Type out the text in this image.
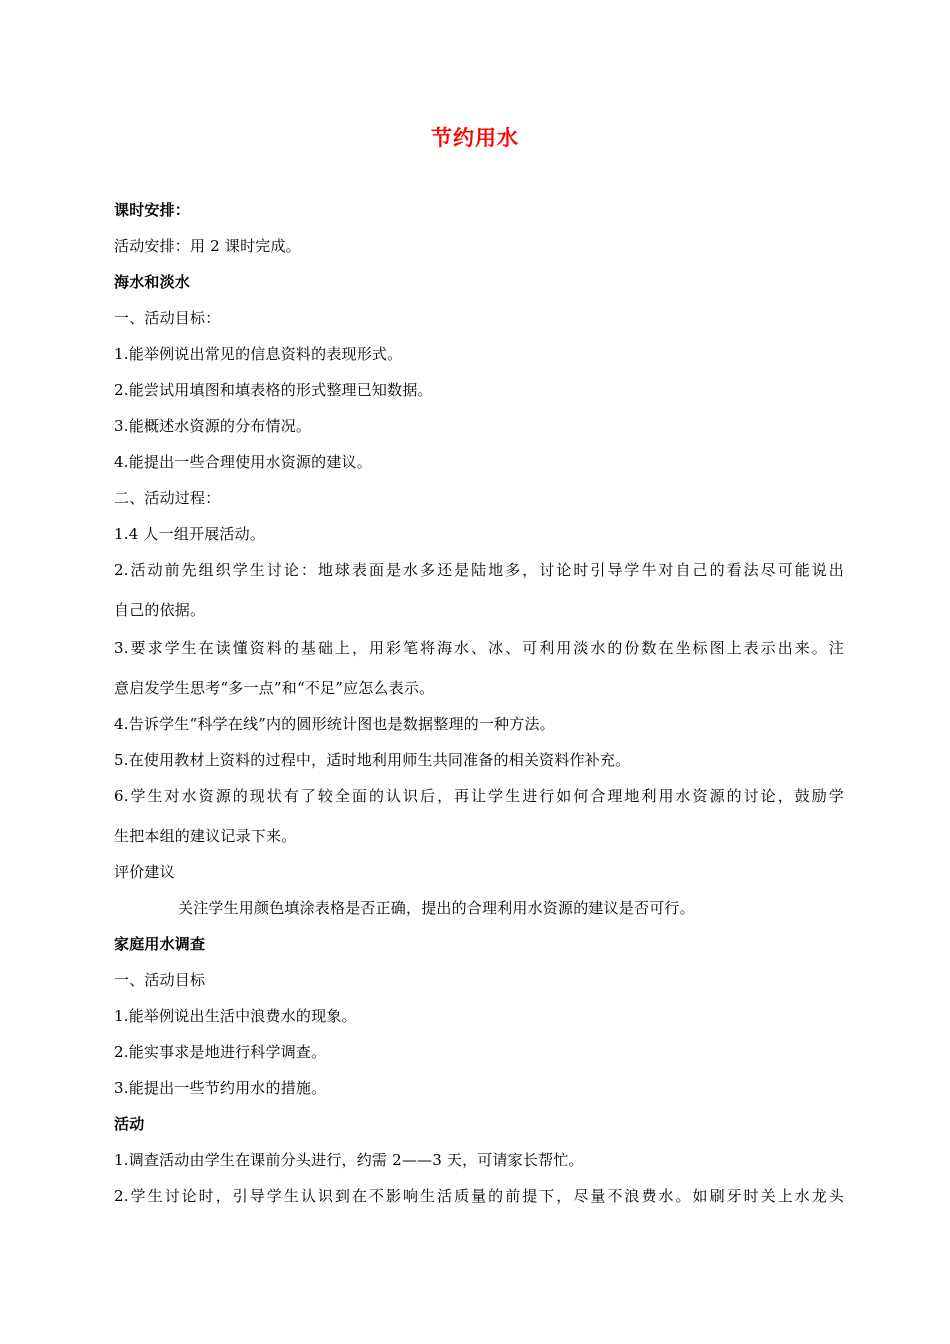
节约用水
课时安排：
活动安排：用 2 课时完成。
海水和淡水
一、活动目标：
1.能举例说出常见的信息资料的表现形式。
2.能尝试用填图和填表格的形式整理已知数据。
3.能概述水资源的分布情况。
4.能提出一些合理使用水资源的建议。
二、活动过程：
1.4 人一组开展活动。
2.活动前先组织学生讨论：地球表面是水多还是陆地多，讨论时引导学牛对自己的看法尽可能说出
自己的依据。
3.要求学生在读懂资料的基础上，用彩笔将海水、冰、可利用淡水的份数在坐标图上表示出来。注
意启发学生思考“多一点”和“不足”应怎么表示。
4.告诉学生“科学在线”内的圆形统计图也是数据整理的一种方法。
5.在使用教材上资料的过程中，适时地利用师生共同准备的相关资料作补充。
6.学生对水资源的现状有了较全面的认识后，再让学生进行如何合理地利用水资源的讨论，鼓励学
生把本组的建议记录下来。
评价建议
关注学生用颜色填涂表格是否正确，提出的合理利用水资源的建议是否可行。
家庭用水调查
一、活动目标
1.能举例说出生活中浪费水的现象。
2.能实事求是地进行科学调查。
3.能提出一些节约用水的措施。
活动
1.调查活动由学生在课前分头进行，约需 2——3 天，可请家长帮忙。
2.学生讨论时，引导学生认识到在不影响生活质量的前提下，尽量不浪费水。如刷牙时关上水龙头
